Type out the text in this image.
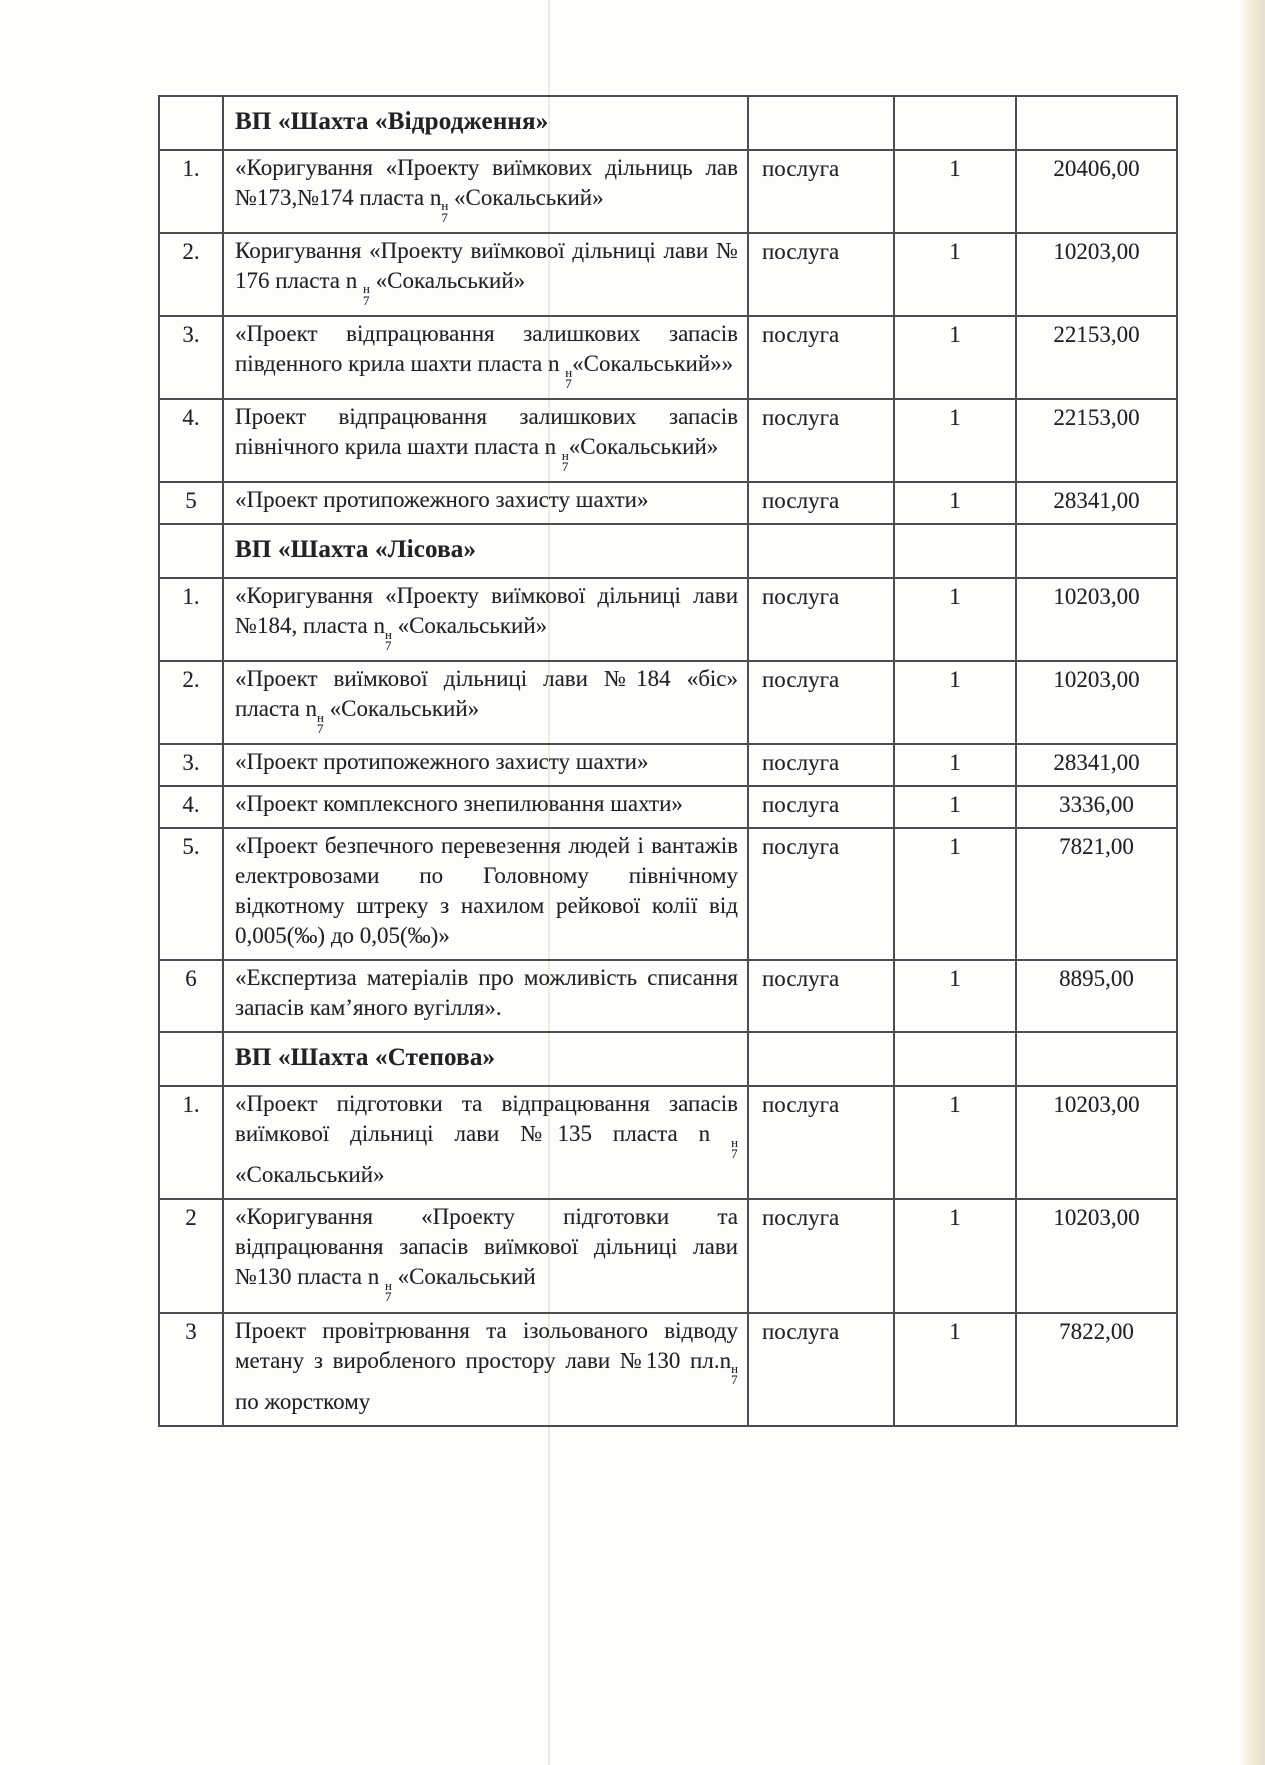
	ВП «Шахта «Відродження»			
1.	«Коригування «Проекту виїмкових дільниць лав №173,№174 пласта n н
7
«Сокальський»	послуга	1	20406,00
2.	Коригування «Проекту виїмкової дільниці лави № 176 пласта n н
7
«Сокальський»	послуга	1	10203,00
3.	«Проект відпрацювання залишкових запасів південного крила шахти пласта n н
7
«Сокальський»»	послуга	1	22153,00
4.	Проект відпрацювання залишкових запасів північного крила шахти пласта n н
7
«Сокальський»	послуга	1	22153,00
5	«Проект протипожежного захисту шахти»	послуга	1	28341,00
	ВП «Шахта «Лісова»			
1.	«Коригування «Проекту виїмкової дільниці лави №184, пласта n н
7
«Сокальський»	послуга	1	10203,00
2.	«Проект виїмкової дільниці лави №184 «біс» пласта n н
7
«Сокальський»	послуга	1	10203,00
3.	«Проект протипожежного захисту шахти»	послуга	1	28341,00
4.	«Проект комплексного знепилювання шахти»	послуга	1	3336,00
5.	«Проект безпечного перевезення людей і вантажів електровозами по Головному північному відкотному штреку з нахилом рейкової колії від 0,005(‰) до 0,05(‰)»	послуга	1	7821,00
6	«Експертиза матеріалів про можливість списання запасів кам’яного вугілля».	послуга	1	8895,00
	ВП «Шахта «Степова»			
1.	«Проект підготовки та відпрацювання запасів виїмкової дільниці лави №135 пласта n н
7
«Сокальський»	послуга	1	10203,00
2	«Коригування «Проекту підготовки та відпрацювання запасів виїмкової дільниці лави №130 пласта n н
7
«Сокальський	послуга	1	10203,00
3	Проект провітрювання та ізольованого відводу метану з виробленого простору лави №130 пл.n н
7
по жорсткому	послуга	1	7822,00
